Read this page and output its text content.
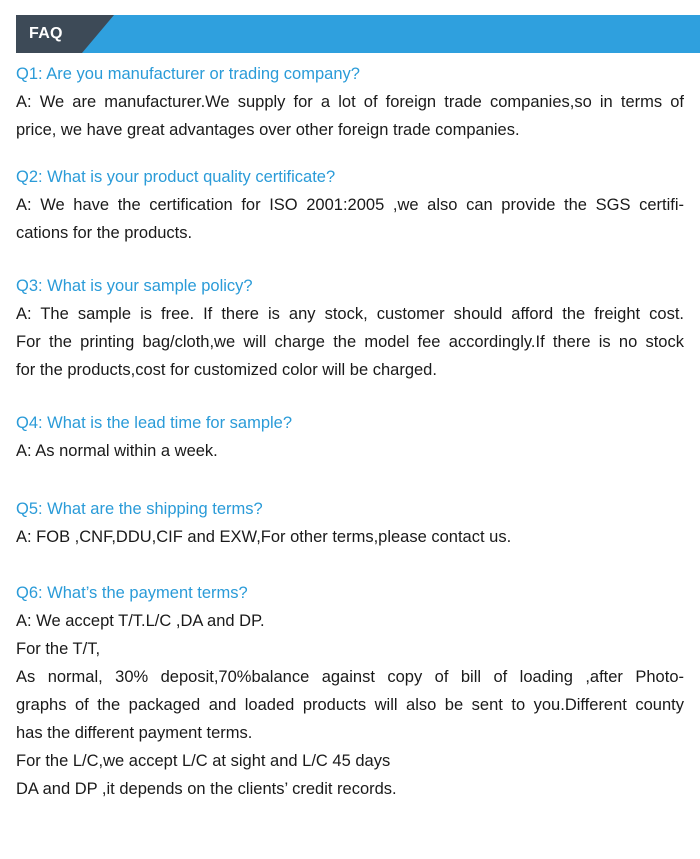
FAQ
Q1: Are you manufacturer or trading company?
A: We are manufacturer.We supply for a lot of foreign trade companies,so in terms of
price, we have great advantages over other foreign trade companies.
Q2: What is your product quality certificate?
A: We have the certification for ISO 2001:2005 ,we also can provide the SGS certifi-
cations for the products.
Q3: What is your sample policy?
A: The sample is free. If there is any stock, customer should afford the freight cost.
For the printing bag/cloth,we will charge the model fee accordingly.If there is no stock
for the products,cost for customized color will be charged.
Q4: What is the lead time for sample?
A: As normal within a week.
Q5: What are the shipping terms?
A: FOB ,CNF,DDU,CIF and EXW,For other terms,please contact us.
Q6: What’s the payment terms?
A: We accept T/T.L/C ,DA and DP.
For the T/T,
As normal, 30% deposit,70%balance against copy of bill of loading ,after Photo-
graphs of the packaged and loaded products will also be sent to you.Different county
has the different payment terms.
For the L/C,we accept L/C at sight and L/C 45 days
DA and DP ,it depends on the clients’ credit records.
